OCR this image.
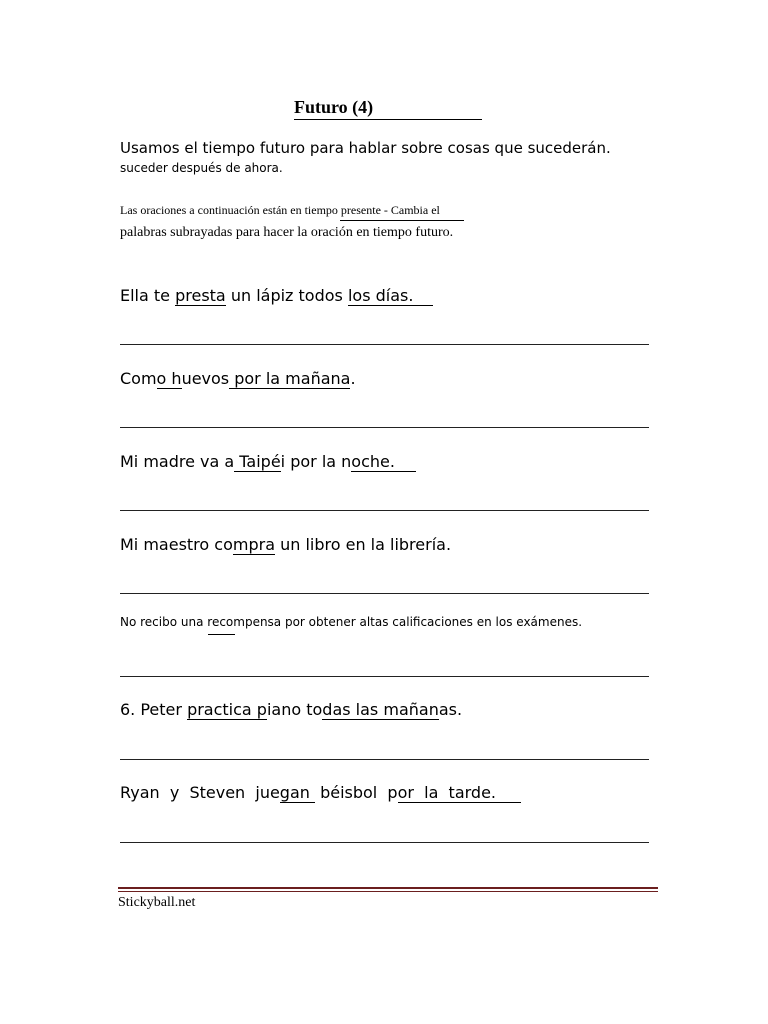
Futuro (4)
Usamos el tiempo futuro para hablar sobre cosas que sucederán.
suceder después de ahora.
Las oraciones a continuación están en tiempo presente - Cambia el
palabras subrayadas para hacer la oración en tiempo futuro.
Ella te presta un lápiz todos los días.
Como huevos por la mañana.
Mi madre va a Taipéi por la noche.
Mi maestro compra un libro en la librería.
No recibo una recompensa por obtener altas calificaciones en los exámenes.
6. Peter practica piano todas las mañanas.
Ryan  y  Steven  juegan  béisbol  por  la  tarde.
Stickyball.net
